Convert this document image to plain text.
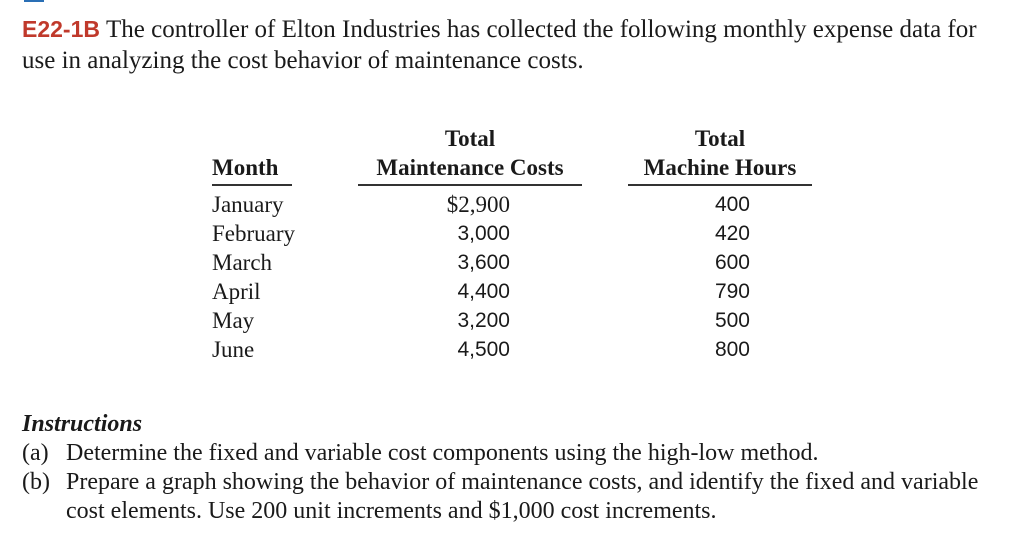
E22-1B The controller of Elton Industries has collected the following monthly expense data for use in analyzing the cost behavior of maintenance costs.
Month
Total
Maintenance Costs
Total
Machine Hours
January
February
March
April
May
June
$2,900
3,000
3,600
4,400
3,200
4,500
400
420
600
790
500
800
Instructions
(a) Determine the fixed and variable cost components using the high-low method.
(b) Prepare a graph showing the behavior of maintenance costs, and identify the fixed and variable cost elements. Use 200 unit increments and $1,000 cost increments.
